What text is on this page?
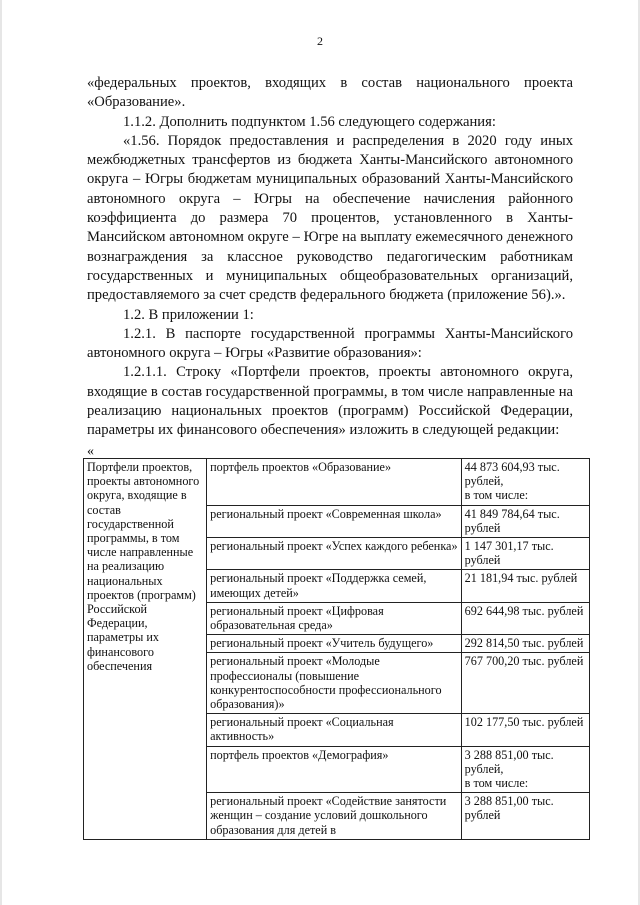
2

«федеральных проектов, входящих в состав национального проекта «Образование».

1.1.2. Дополнить подпунктом 1.56 следующего содержания:

«1.56. Порядок предоставления и распределения в 2020 году иных межбюджетных трансфертов из бюджета Ханты-Мансийского автономного округа – Югры бюджетам муниципальных образований Ханты-Мансийского автономного округа – Югры на обеспечение начисления районного коэффициента до размера 70 процентов, установленного в Ханты-Мансийском автономном округе – Югре на выплату ежемесячного денежного вознаграждения за классное руководство педагогическим работникам государственных и муниципальных общеобразовательных организаций, предоставляемого за счет средств федерального бюджета (приложение 56).».

1.2. В приложении 1:

1.2.1. В паспорте государственной программы Ханты-Мансийского автономного округа – Югры «Развитие образования»:

1.2.1.1. Строку «Портфели проектов, проекты автономного округа, входящие в состав государственной программы, в том числе направленные на реализацию национальных проектов (программ) Российской Федерации, параметры их финансового обеспечения» изложить в следующей редакции:

«
Портфели проектов, проекты автономного округа, входящие в состав государственной программы, в том числе направленные на реализацию национальных проектов (программ) Российской Федерации, параметры их финансового обеспечения	портфель проектов «Образование»	44 873 604,93 тыс. рублей,
в том числе:
	региональный проект «Современная школа»	41 849 784,64 тыс. рублей
	региональный проект «Успех каждого ребенка»	1 147 301,17 тыс. рублей
	региональный проект «Поддержка семей, имеющих детей»	21 181,94 тыс. рублей
	региональный проект «Цифровая образовательная среда»	692 644,98 тыс. рублей
	региональный проект «Учитель будущего»	292 814,50 тыс. рублей
	региональный проект «Молодые профессионалы (повышение конкурентоспособности профессионального образования)»	767 700,20 тыс. рублей
	региональный проект «Социальная активность»	102 177,50 тыс. рублей
	портфель проектов «Демография»	3 288 851,00 тыс. рублей,
в том числе:
	региональный проект «Содействие занятости женщин – создание условий дошкольного образования для детей в	3 288 851,00 тыс. рублей
